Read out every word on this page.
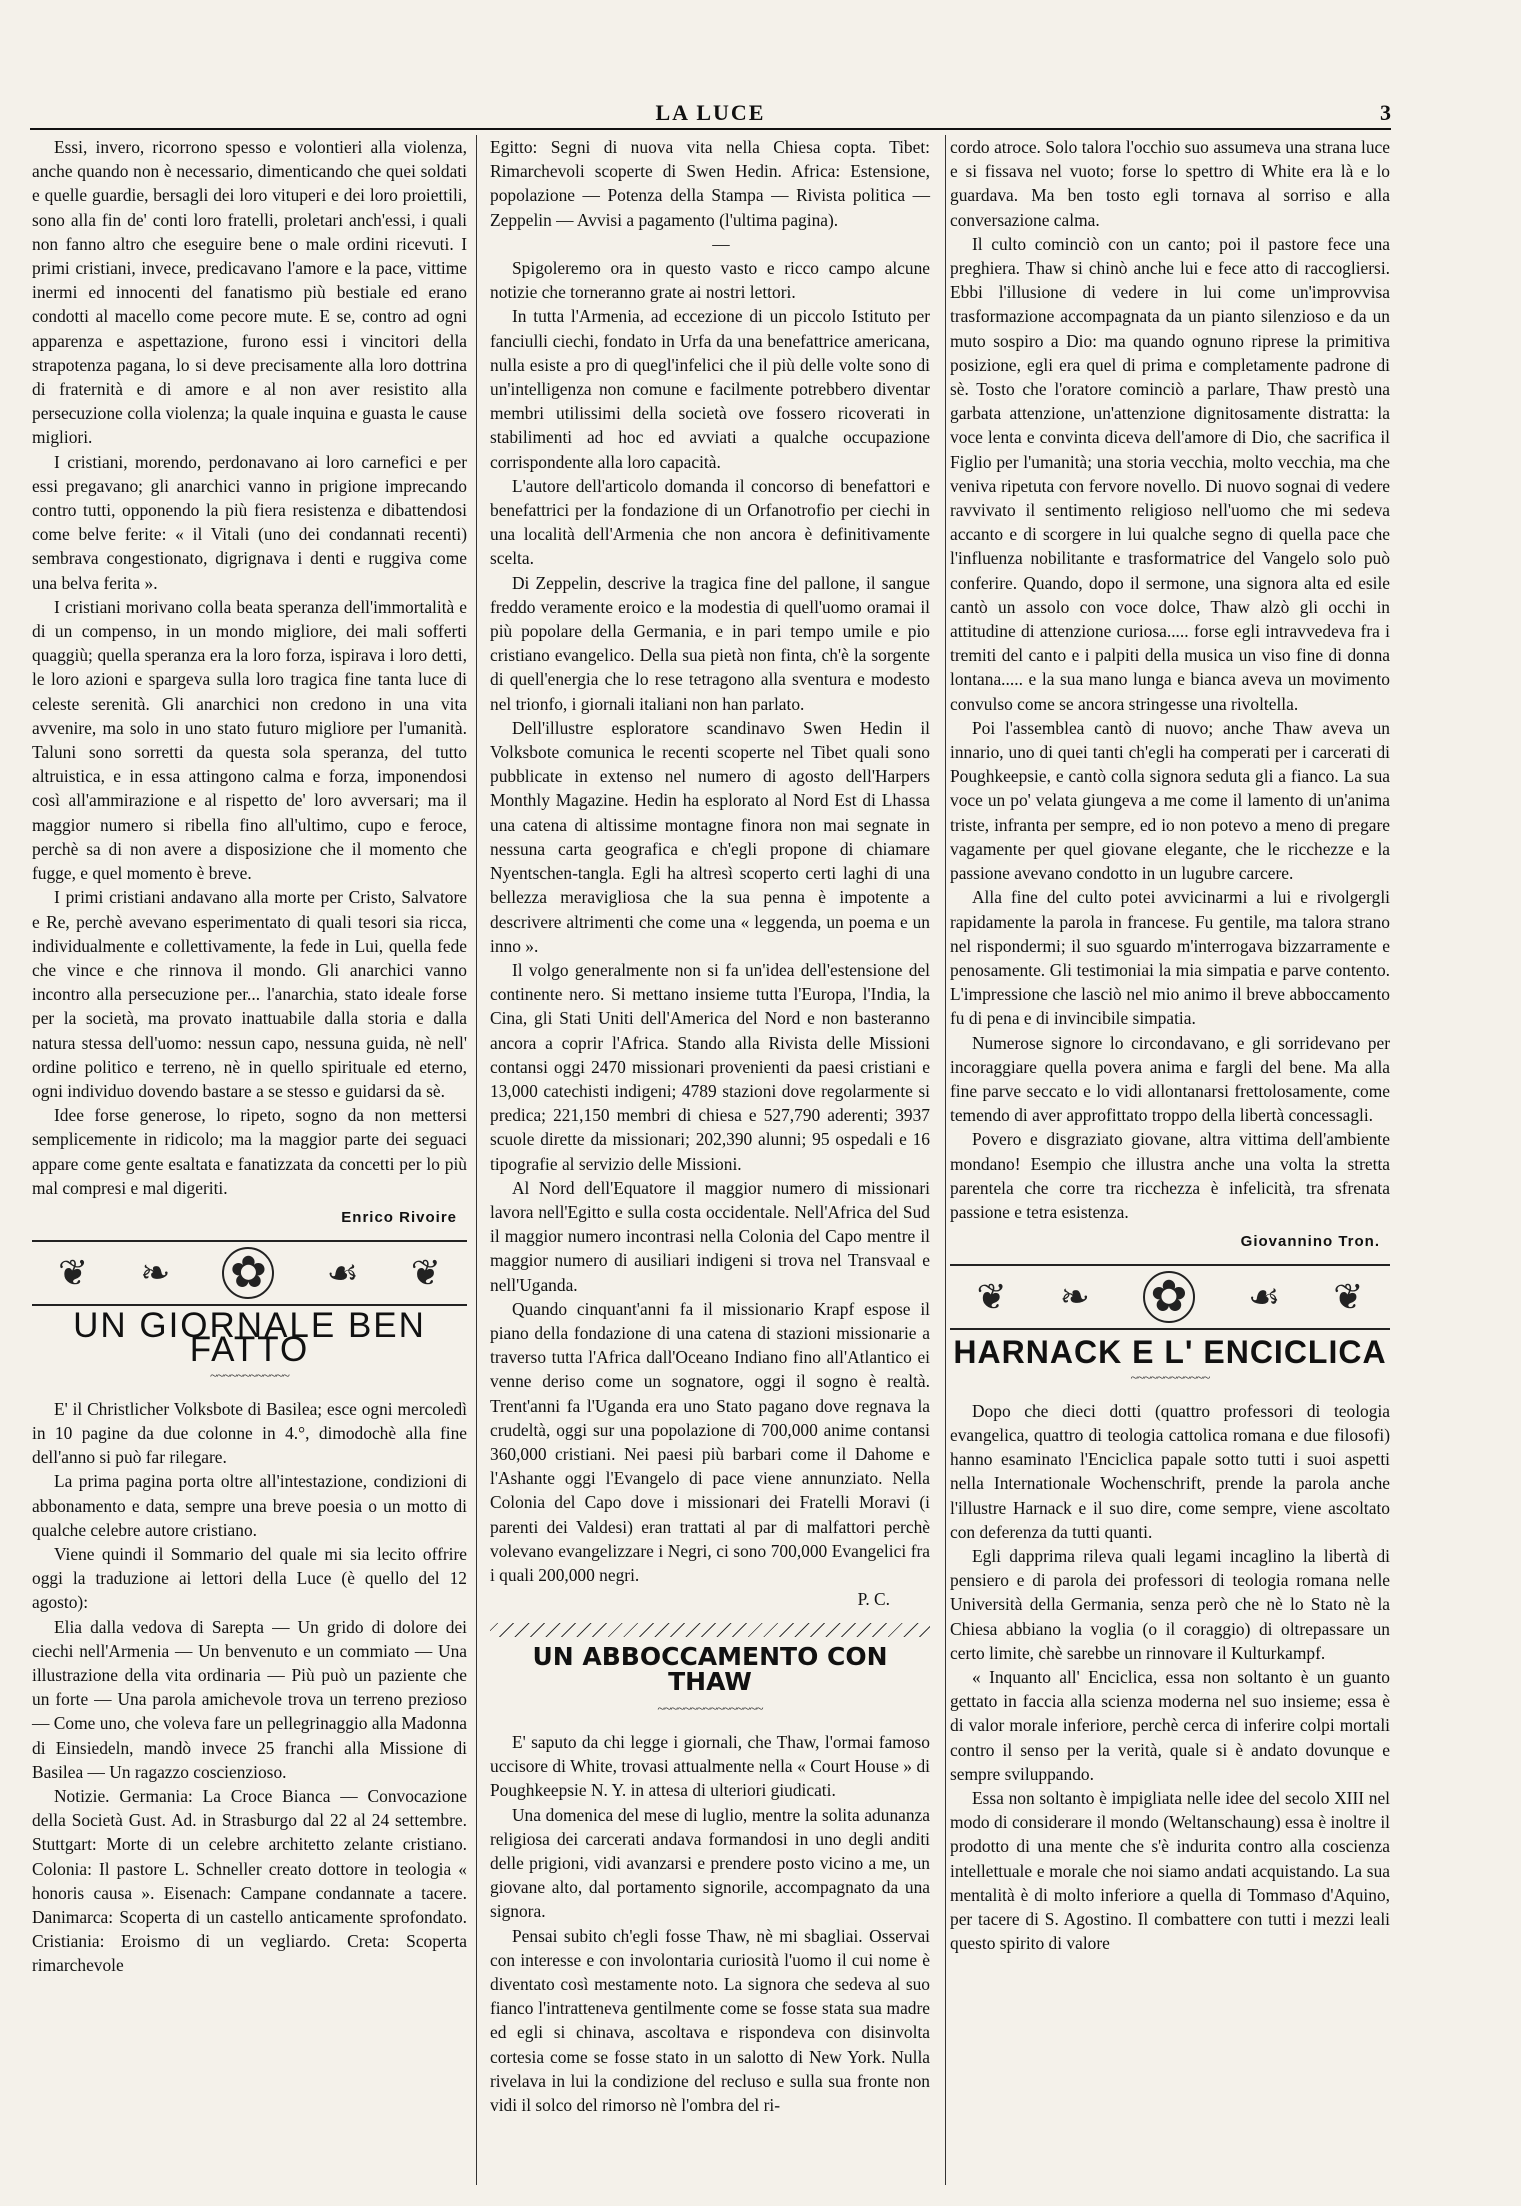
LA LUCE	3

Essi, invero, ricorrono spesso e volontieri alla violenza, anche quando non è necessario, dimenticando che quei soldati e quelle guardie, bersagli dei loro vituperi e dei loro proiettili, sono alla fin de' conti loro fratelli, proletari anch'essi, i quali non fanno altro che eseguire bene o male ordini ricevuti. I primi cristiani, invece, predicavano l'amore e la pace, vittime inermi ed innocenti del fanatismo più bestiale ed erano condotti al macello come pecore mute. E se, contro ad ogni apparenza e aspettazione, furono essi i vincitori della strapotenza pagana, lo si deve precisamente alla loro dottrina di fraternità e di amore e al non aver resistito alla persecuzione colla violenza; la quale inquina e guasta le cause migliori.

I cristiani, morendo, perdonavano ai loro carnefici e per essi pregavano; gli anarchici vanno in prigione imprecando contro tutti, opponendo la più fiera resistenza e dibattendosi come belve ferite: « il Vitali (uno dei condannati recenti) sembrava congestionato, digrignava i denti e ruggiva come una belva ferita ».

I cristiani morivano colla beata speranza dell'immortalità e di un compenso, in un mondo migliore, dei mali sofferti quaggiù; quella speranza era la loro forza, ispirava i loro detti, le loro azioni e spargeva sulla loro tragica fine tanta luce di celeste serenità. Gli anarchici non credono in una vita avvenire, ma solo in uno stato futuro migliore per l'umanità. Taluni sono sorretti da questa sola speranza, del tutto altruistica, e in essa attingono calma e forza, imponendosi così all'ammirazione e al rispetto de' loro avversari; ma il maggior numero si ribella fino all'ultimo, cupo e feroce, perchè sa di non avere a disposizione che il momento che fugge, e quel momento è breve.

I primi cristiani andavano alla morte per Cristo, Salvatore e Re, perchè avevano esperimentato di quali tesori sia ricca, individualmente e collettivamente, la fede in Lui, quella fede che vince e che rinnova il mondo. Gli anarchici vanno incontro alla persecuzione per... l'anarchia, stato ideale forse per la società, ma provato inattuabile dalla storia e dalla natura stessa dell'uomo: nessun capo, nessuna guida, nè nell' ordine politico e terreno, nè in quello spirituale ed eterno, ogni individuo dovendo bastare a se stesso e guidarsi da sè.

Idee forse generose, lo ripeto, sogno da non mettersi semplicemente in ridicolo; ma la maggior parte dei seguaci appare come gente esaltata e fanatizzata da concetti per lo più mal compresi e mal digeriti.

Enrico Rivoire
❦ ❧ ✿ ☙ ❦
UN GIORNALE BEN FATTO
~~~~~~~~~~~~

E' il Christlicher Volksbote di Basilea; esce ogni mercoledì in 10 pagine da due colonne in 4.°, dimodochè alla fine dell'anno si può far rilegare.

La prima pagina porta oltre all'intestazione, condizioni di abbonamento e data, sempre una breve poesia o un motto di qualche celebre autore cristiano.

Viene quindi il Sommario del quale mi sia lecito offrire oggi la traduzione ai lettori della Luce (è quello del 12 agosto):

Elia dalla vedova di Sarepta — Un grido di dolore dei ciechi nell'Armenia — Un benvenuto e un commiato — Una illustrazione della vita ordinaria — Più può un paziente che un forte — Una parola amichevole trova un terreno prezioso — Come uno, che voleva fare un pellegrinaggio alla Madonna di Einsiedeln, mandò invece 25 franchi alla Missione di Basilea — Un ragazzo coscienzioso.

Notizie. Germania: La Croce Bianca — Convocazione della Società Gust. Ad. in Strasburgo dal 22 al 24 settembre. Stuttgart: Morte di un celebre architetto zelante cristiano. Colonia: Il pastore L. Schneller creato dottore in teologia « honoris causa ». Eisenach: Campane condannate a tacere. Danimarca: Scoperta di un castello anticamente sprofondato. Cristiania: Eroismo di un vegliardo. Creta: Scoperta rimarchevole

Egitto: Segni di nuova vita nella Chiesa copta. Tibet: Rimarchevoli scoperte di Swen Hedin. Africa: Estensione, popolazione — Potenza della Stampa — Rivista politica — Zeppelin — Avvisi a pagamento (l'ultima pagina).

—

Spigoleremo ora in questo vasto e ricco campo alcune notizie che torneranno grate ai nostri lettori.

In tutta l'Armenia, ad eccezione di un piccolo Istituto per fanciulli ciechi, fondato in Urfa da una benefattrice americana, nulla esiste a pro di quegl'infelici che il più delle volte sono di un'intelligenza non comune e facilmente potrebbero diventar membri utilissimi della società ove fossero ricoverati in stabilimenti ad hoc ed avviati a qualche occupazione corrispondente alla loro capacità.

L'autore dell'articolo domanda il concorso di benefattori e benefattrici per la fondazione di un Orfanotrofio per ciechi in una località dell'Armenia che non ancora è definitivamente scelta.

Di Zeppelin, descrive la tragica fine del pallone, il sangue freddo veramente eroico e la modestia di quell'uomo oramai il più popolare della Germania, e in pari tempo umile e pio cristiano evangelico. Della sua pietà non finta, ch'è la sorgente di quell'energia che lo rese tetragono alla sventura e modesto nel trionfo, i giornali italiani non han parlato.

Dell'illustre esploratore scandinavo Swen Hedin il Volksbote comunica le recenti scoperte nel Tibet quali sono pubblicate in extenso nel numero di agosto dell'Harpers Monthly Magazine. Hedin ha esplorato al Nord Est di Lhassa una catena di altissime montagne finora non mai segnate in nessuna carta geografica e ch'egli propone di chiamare Nyentschen-tangla. Egli ha altresì scoperto certi laghi di una bellezza meravigliosa che la sua penna è impotente a descrivere altrimenti che come una « leggenda, un poema e un inno ».

Il volgo generalmente non si fa un'idea dell'estensione del continente nero. Si mettano insieme tutta l'Europa, l'India, la Cina, gli Stati Uniti dell'America del Nord e non basteranno ancora a coprir l'Africa. Stando alla Rivista delle Missioni contansi oggi 2470 missionari provenienti da paesi cristiani e 13,000 catechisti indigeni; 4789 stazioni dove regolarmente si predica; 221,150 membri di chiesa e 527,790 aderenti; 3937 scuole dirette da missionari; 202,390 alunni; 95 ospedali e 16 tipografie al servizio delle Missioni.

Al Nord dell'Equatore il maggior numero di missionari lavora nell'Egitto e sulla costa occidentale. Nell'Africa del Sud il maggior numero incontrasi nella Colonia del Capo mentre il maggior numero di ausiliari indigeni si trova nel Transvaal e nell'Uganda.

Quando cinquant'anni fa il missionario Krapf espose il piano della fondazione di una catena di stazioni missionarie a traverso tutta l'Africa dall'Oceano Indiano fino all'Atlantico ei venne deriso come un sognatore, oggi il sogno è realtà. Trent'anni fa l'Uganda era uno Stato pagano dove regnava la crudeltà, oggi sur una popolazione di 700,000 anime contansi 360,000 cristiani. Nei paesi più barbari come il Dahome e l'Ashante oggi l'Evangelo di pace viene annunziato. Nella Colonia del Capo dove i missionari dei Fratelli Moravi (i parenti dei Valdesi) eran trattati al par di malfattori perchè volevano evangelizzare i Negri, ci sono 700,000 Evangelici fra i quali 200,000 negri.

P. C.
UN ABBOCCAMENTO CON THAW
~~~~~~~~~~~~~~~~

E' saputo da chi legge i giornali, che Thaw, l'ormai famoso uccisore di White, trovasi attualmente nella « Court House » di Poughkeepsie N. Y. in attesa di ulteriori giudicati.

Una domenica del mese di luglio, mentre la solita adunanza religiosa dei carcerati andava formandosi in uno degli anditi delle prigioni, vidi avanzarsi e prendere posto vicino a me, un giovane alto, dal portamento signorile, accompagnato da una signora.

Pensai subito ch'egli fosse Thaw, nè mi sbagliai. Osservai con interesse e con involontaria curiosità l'uomo il cui nome è diventato così mestamente noto. La signora che sedeva al suo fianco l'intratteneva gentilmente come se fosse stata sua madre ed egli si chinava, ascoltava e rispondeva con disinvolta cortesia come se fosse stato in un salotto di New York. Nulla rivelava in lui la condizione del recluso e sulla sua fronte non vidi il solco del rimorso nè l'ombra del ri-

cordo atroce. Solo talora l'occhio suo assumeva una strana luce e si fissava nel vuoto; forse lo spettro di White era là e lo guardava. Ma ben tosto egli tornava al sorriso e alla conversazione calma.

Il culto cominciò con un canto; poi il pastore fece una preghiera. Thaw si chinò anche lui e fece atto di raccogliersi. Ebbi l'illusione di vedere in lui come un'improvvisa trasformazione accompagnata da un pianto silenzioso e da un muto sospiro a Dio: ma quando ognuno riprese la primitiva posizione, egli era quel di prima e completamente padrone di sè. Tosto che l'oratore cominciò a parlare, Thaw prestò una garbata attenzione, un'attenzione dignitosamente distratta: la voce lenta e convinta diceva dell'amore di Dio, che sacrifica il Figlio per l'umanità; una storia vecchia, molto vecchia, ma che veniva ripetuta con fervore novello. Di nuovo sognai di vedere ravvivato il sentimento religioso nell'uomo che mi sedeva accanto e di scorgere in lui qualche segno di quella pace che l'influenza nobilitante e trasformatrice del Vangelo solo può conferire. Quando, dopo il sermone, una signora alta ed esile cantò un assolo con voce dolce, Thaw alzò gli occhi in attitudine di attenzione curiosa..... forse egli intravvedeva fra i tremiti del canto e i palpiti della musica un viso fine di donna lontana..... e la sua mano lunga e bianca aveva un movimento convulso come se ancora stringesse una rivoltella.

Poi l'assemblea cantò di nuovo; anche Thaw aveva un innario, uno di quei tanti ch'egli ha comperati per i carcerati di Poughkeepsie, e cantò colla signora seduta gli a fianco. La sua voce un po' velata giungeva a me come il lamento di un'anima triste, infranta per sempre, ed io non potevo a meno di pregare vagamente per quel giovane elegante, che le ricchezze e la passione avevano condotto in un lugubre carcere.

Alla fine del culto potei avvicinarmi a lui e rivolgergli rapidamente la parola in francese. Fu gentile, ma talora strano nel rispondermi; il suo sguardo m'interrogava bizzarramente e penosamente. Gli testimoniai la mia simpatia e parve contento. L'impressione che lasciò nel mio animo il breve abboccamento fu di pena e di invincibile simpatia.

Numerose signore lo circondavano, e gli sorridevano per incoraggiare quella povera anima e fargli del bene. Ma alla fine parve seccato e lo vidi allontanarsi frettolosamente, come temendo di aver approfittato troppo della libertà concessagli.

Povero e disgraziato giovane, altra vittima dell'ambiente mondano! Esempio che illustra anche una volta la stretta parentela che corre tra ricchezza è infelicità, tra sfrenata passione e tetra esistenza.

Giovannino Tron.
❦ ❧ ✿ ☙ ❦
HARNACK E L' ENCICLICA
~~~~~~~~~~~~

Dopo che dieci dotti (quattro professori di teologia evangelica, quattro di teologia cattolica romana e due filosofi) hanno esaminato l'Enciclica papale sotto tutti i suoi aspetti nella Internationale Wochenschrift, prende la parola anche l'illustre Harnack e il suo dire, come sempre, viene ascoltato con deferenza da tutti quanti.

Egli dapprima rileva quali legami incaglino la libertà di pensiero e di parola dei professori di teologia romana nelle Università della Germania, senza però che nè lo Stato nè la Chiesa abbiano la voglia (o il coraggio) di oltrepassare un certo limite, chè sarebbe un rinnovare il Kulturkampf.

« Inquanto all' Enciclica, essa non soltanto è un guanto gettato in faccia alla scienza moderna nel suo insieme; essa è di valor morale inferiore, perchè cerca di inferire colpi mortali contro il senso per la verità, quale si è andato dovunque e sempre sviluppando.

Essa non soltanto è impigliata nelle idee del secolo XIII nel modo di considerare il mondo (Weltanschaung) essa è inoltre il prodotto di una mente che s'è indurita contro alla coscienza intellettuale e morale che noi siamo andati acquistando. La sua mentalità è di molto inferiore a quella di Tommaso d'Aquino, per tacere di S. Agostino. Il combattere con tutti i mezzi leali questo spirito di valore
